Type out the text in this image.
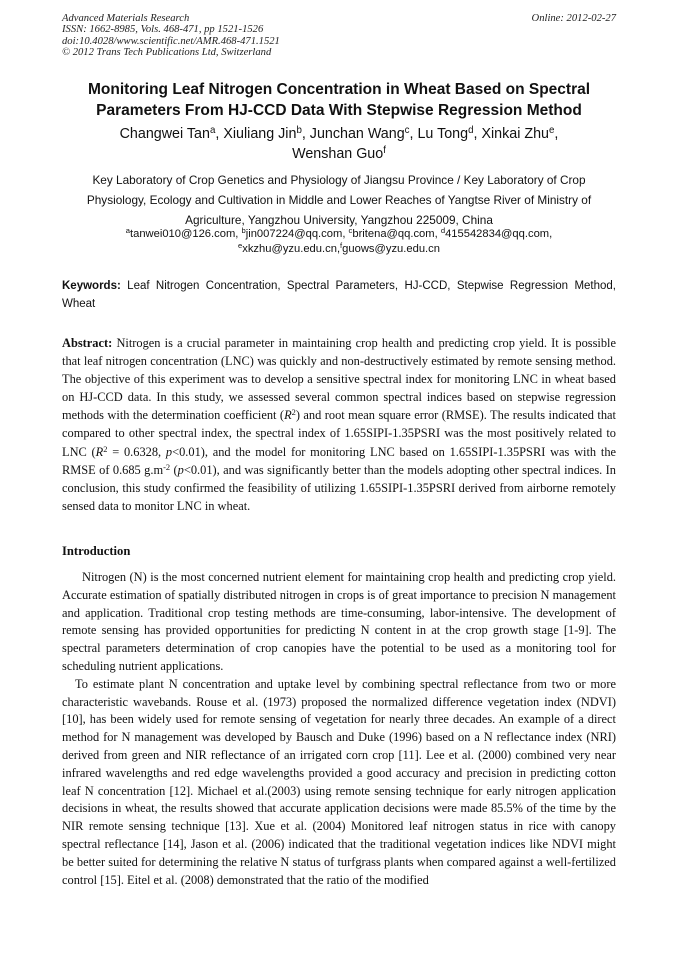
Advanced Materials Research
ISSN: 1662-8985, Vols. 468-471, pp 1521-1526
doi:10.4028/www.scientific.net/AMR.468-471.1521
© 2012 Trans Tech Publications Ltd, Switzerland
Online: 2012-02-27
Monitoring Leaf Nitrogen Concentration in Wheat Based on Spectral
Parameters From HJ-CCD Data With Stepwise Regression Method
Changwei Tan$^a$, Xiuliang Jin$^b$, Junchan Wang$^c$, Lu Tong$^d$, Xinkai Zhu$^e$,
Wenshan Guo$^f$
Key Laboratory of Crop Genetics and Physiology of Jiangsu Province / Key Laboratory of Crop
Physiology, Ecology and Cultivation in Middle and Lower Reaches of Yangtse River of Ministry of
Agriculture, Yangzhou University, Yangzhou 225009, China
$^a$tanwei010@126.com, $^b$jin007224@qq.com, $^c$britena@qq.com, $^d$415542834@qq.com,
$^e$xkzhu@yzu.edu.cn,$^f$guows@yzu.edu.cn
Keywords: Leaf Nitrogen Concentration, Spectral Parameters, HJ-CCD, Stepwise Regression Method, Wheat
Abstract: Nitrogen is a crucial parameter in maintaining crop health and predicting crop yield. It is possible that leaf nitrogen concentration (LNC) was quickly and non-destructively estimated by remote sensing method. The objective of this experiment was to develop a sensitive spectral index for monitoring LNC in wheat based on HJ-CCD data. In this study, we assessed several common spectral indices based on stepwise regression methods with the determination coefficient $(R^2)$ and root mean square error (RMSE). The results indicated that compared to other spectral index, the spectral index of 1.65SIPI-1.35PSRI was the most positively related to LNC ($R^2 = 0.6328$, p<0.01), and the model for monitoring LNC based on 1.65SIPI-1.35PSRI was with the RMSE of 0.685 $g.m^{-2}$ (p<0.01), and was significantly better than the models adopting other spectral indices. In conclusion, this study confirmed the feasibility of utilizing 1.65SIPI-1.35PSRI derived from airborne remotely sensed data to monitor LNC in wheat.
Introduction

Nitrogen (N) is the most concerned nutrient element for maintaining crop health and predicting crop yield. Accurate estimation of spatially distributed nitrogen in crops is of great importance to precision N management and application. Traditional crop testing methods are time-consuming, labor-intensive. The development of remote sensing has provided opportunities for predicting N content in at the crop growth stage [1-9]. The spectral parameters determination of crop canopies have the potential to be used as a monitoring tool for scheduling nutrient applications.

To estimate plant N concentration and uptake level by combining spectral reflectance from two or more characteristic wavebands. Rouse et al. (1973) proposed the normalized difference vegetation index (NDVI) [10], has been widely used for remote sensing of vegetation for nearly three decades. An example of a direct method for N management was developed by Bausch and Duke (1996) based on a N reflectance index (NRI) derived from green and NIR reflectance of an irrigated corn crop [11]. Lee et al. (2000) combined very near infrared wavelengths and red edge wavelengths provided a good accuracy and precision in predicting cotton leaf N concentration [12]. Michael et al.(2003) using remote sensing technique for early nitrogen application decisions in wheat, the results showed that accurate application decisions were made 85.5% of the time by the NIR remote sensing technique [13]. Xue et al. (2004) Monitored leaf nitrogen status in rice with canopy spectral reflectance [14], Jason et al. (2006) indicated that the traditional vegetation indices like NDVI might be better suited for determining the relative N status of turfgrass plants when compared against a well-fertilized control [15]. Eitel et al. (2008) demonstrated that the ratio of the modified
